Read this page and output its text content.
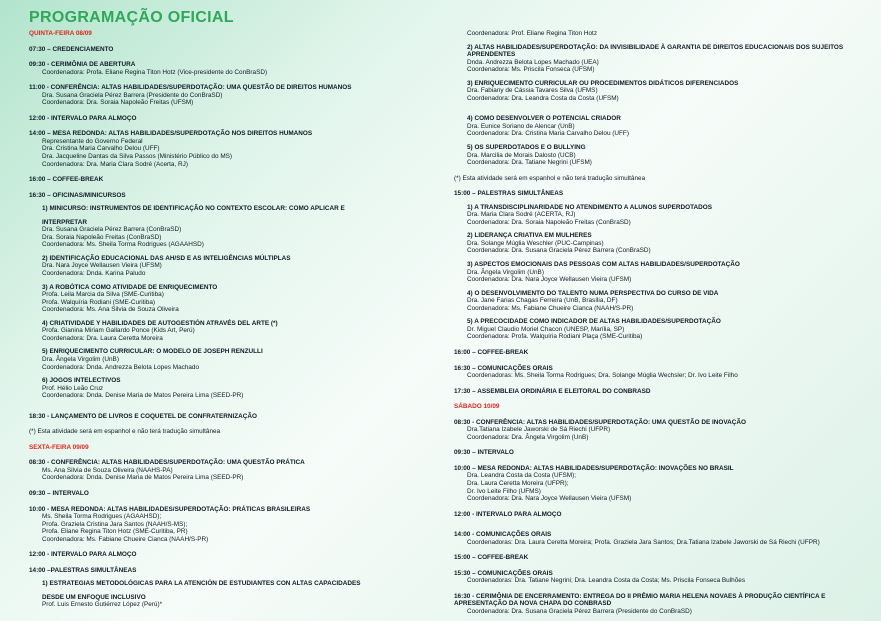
PROGRAMAÇÃO OFICIAL
QUINTA-FEIRA 08/09
07:30 – CREDENCIAMENTO
09:30 - CERIMÔNIA DE ABERTURA
Coordenadora: Profa. Eliane Regina Titon Hotz (Vice-presidente do ConBraSD)
11:00 - CONFERÊNCIA: ALTAS HABILIDADES/SUPERDOTAÇÃO: UMA QUESTÃO DE DIREITOS HUMANOS
Dra. Susana Graciela Pérez Barrera (Presidente do ConBraSD)
Coordenadora: Dra. Soraia Napoleão Freitas (UFSM)
12:00 - INTERVALO PARA ALMOÇO
14:00 – MESA REDONDA: ALTAS HABILIDADES/SUPERDOTAÇÃO NOS DIREITOS HUMANOS
Representante do Governo Federal
Dra. Cristina Maria Carvalho Delou (UFF)
Dra. Jacqueline Dantas da Silva Passos (Ministério Público do MS)
Coordenadora: Dra. Maria Clara Sodré (Acerta, RJ)
16:00 – COFFEE-BREAK
16:30 – OFICINAS/MINICURSOS
1) MINICURSO: INSTRUMENTOS DE IDENTIFICAÇÃO NO CONTEXTO ESCOLAR: COMO APLICAR E
INTERPRETAR
Dra. Susana Graciela Pérez Barrera (ConBraSD)
Dra. Soraia Napoleão Freitas (ConBraSD)
Coordenadora: Ms. Sheila Torma Rodrigues (AGAAHSD)
2) IDENTIFICAÇÃO EDUCACIONAL DAS AH/SD E AS INTELIGÊNCIAS MÚLTIPLAS
Dra. Nara Joyce Wellausen Vieira (UFSM)
Coordenadora: Dnda. Karina Paludo
3) A ROBÓTICA COMO ATIVIDADE DE ENRIQUECIMENTO
Profa. Leila Marcia da Silva (SME-Curitiba)
Profa. Walquíria Rodiani (SME-Curitiba)
Coordenadora: Ms. Ana Silvia de Souza Oliveira
4) CRIATIVIDADE Y HABILIDADES DE AUTOGESTIÓN ATRAVÉS DEL ARTE (*)
Profa. Gianina Miriam Gallardo Ponce (Kids Art, Perú)
Coordenadora: Dra. Laura Ceretta Moreira
5) ENRIQUECIMENTO CURRICULAR: O MODELO DE JOSEPH RENZULLI
Dra. Ângela Virgolim (UnB)
Coordenadora: Dnda. Andrezza Belota Lopes Machado
6) JOGOS INTELECTIVOS
Prof. Hélio Leão Cruz
Coordenadora: Dnda. Denise Maria de Matos Pereira Lima (SEED-PR)
18:30 - LANÇAMENTO DE LIVROS E COQUETEL DE CONFRATERNIZAÇÃO
(*) Esta atividade será em espanhol e não terá tradução simultânea
SEXTA-FEIRA 09/09
08:30 - CONFERÊNCIA: ALTAS HABILIDADES/SUPERDOTAÇÃO: UMA QUESTÃO PRÁTICA
Ms. Ana Silvia de Souza Oliveira (NAAHS-PA)
Coordenadora: Dnda. Denise Maria de Matos Pereira Lima (SEED-PR)
09:30 – INTERVALO
10:00 - MESA REDONDA: ALTAS HABILIDADES/SUPERDOTAÇÃO: PRÁTICAS BRASILEIRAS
Ms. Sheila Torma Rodrigues (AGAAHSD);
Profa. Graziela Cristina Jara Santos (NAAH/S-MS);
Profa. Eliane Regina Titon Hotz (SME-Curitiba, PR)
Coordenadora: Ms. Fabiane Chueire Cianca (NAAH/S-PR)
12:00 - INTERVALO PARA ALMOÇO
14:00 –PALESTRAS SIMULTÂNEAS
1) ESTRATEGIAS METODOLÓGICAS PARA LA ATENCIÓN DE ESTUDIANTES CON ALTAS CAPACIDADES
DESDE UM ENFOQUE INCLUSIVO
Prof. Luis Ernesto Gutiérrez López (Perú)*
Coordenadora: Prof. Eliane Regina Titon Hotz
2) ALTAS HABILIDADES/SUPERDOTAÇÃO: DA INVISIBILIDADE À GARANTIA DE DIREITOS EDUCACIONAIS DOS SUJEITOS APRENDENTES
Dnda. Andrezza Belota Lopes Machado (UEA)
Coordenadora: Ms. Priscila Fonseca (UFSM)
3) ENRIQUECIMENTO CURRICULAR OU PROCEDIMENTOS DIDÁTICOS DIFERENCIADOS
Dra. Fabiany de Cássia Tavares Silva (UFMS)
Coordenadora: Dra. Leandra Costa da Costa (UFSM)
4) COMO DESENVOLVER O POTENCIAL CRIADOR
Dra. Eunice Soriano de Alencar (UnB)
Coordenadora: Dra. Cristina Maria Carvalho Delou (UFF)
5) OS SUPERDOTADOS E O BULLYING
Dra. Marcilia de Morais Dalosto (UCB)
Coordenadora: Dra. Tatiane Negrini (UFSM)
(*) Esta atividade será em espanhol e não terá tradução simultânea
15:00 – PALESTRAS SIMULTÂNEAS
1) A TRANSDISCIPLINARIDADE NO ATENDIMENTO A ALUNOS SUPERDOTADOS
Dra. Maria Clara Sodré (ACERTA, RJ)
Coordenadora: Dra. Soraia Napoleão Freitas (ConBraSD)
2) LIDERANÇA CRIATIVA EM MULHERES
Dra. Solange Múglia Weschler (PUC-Campinas)
Coordenadora: Dra. Susana Graciela Pérez Barrera (ConBraSD)
3) ASPECTOS EMOCIONAIS DAS PESSOAS COM ALTAS HABILIDADES/SUPERDOTAÇÃO
Dra. Ângela Virgolim (UnB)
Coordenadora: Dra. Nara Joyce Wellausen Vieira (UFSM)
4) O DESENVOLVIMENTO DO TALENTO NUMA PERSPECTIVA DO CURSO DE VIDA
Dra. Jane Farias Chagas Ferreira (UnB, Brasília, DF)
Coordenadora: Ms. Fabiane Chueire Cianca (NAAH/S-PR)
5) A PRECOCIDADE COMO INDICADOR DE ALTAS HABILIDADES/SUPERDOTAÇÃO
Dr. Miguel Claudio Moriel Chacon (UNESP, Marília, SP)
Coordenadora: Profa. Walquíria Rodiani Plaça (SME-Curitiba)
16:00 – COFFEE-BREAK
16:30 – COMUNICAÇÕES ORAIS
Coordenadoras: Ms. Sheila Torma Rodrigues; Dra. Solange Múglia Wechsler; Dr. Ivo Leite Filho
17:30 – ASSEMBLEIA ORDINÁRIA E ELEITORAL DO CONBRASD
SÁBADO 10/09
08:30 - CONFERÊNCIA: ALTAS HABILIDADES/SUPERDOTAÇÃO: UMA QUESTÃO DE INOVAÇÃO
Dra.Tatiana Izabele Jaworski de Sá Riechi (UFPR)
Coordenadora: Dra. Ângela Virgolim (UnB)
09:30 – INTERVALO
10:00 – MESA REDONDA: ALTAS HABILIDADES/SUPERDOTAÇÃO: INOVAÇÕES NO BRASIL
Dra. Leandra Costa da Costa (UFSM);
Dra. Laura Ceretta Moreira (UFPR);
Dr. Ivo Leite Filho (UFMS)
Coordenadora: Dra. Nara Joyce Wellausen Vieira (UFSM)
12:00 - INTERVALO PARA ALMOÇO
14:00 - COMUNICAÇÕES ORAIS
Coordenadoras: Dra. Laura Ceretta Moreira; Profa. Graziela Jara Santos; Dra.Tatiana Izabele Jaworski de Sá Riechi (UFPR)
15:00 – COFFEE-BREAK
15:30 – COMUNICAÇÕES ORAIS
Coordenadoras: Dra. Tatiane Negrini; Dra. Leandra Costa da Costa; Ms. Priscila Fonseca Bulhões
16:30 - CERIMÔNIA DE ENCERRAMENTO: ENTREGA DO II PRÊMIO MARIA HELENA NOVAES À PRODUÇÃO CIENTÍFICA E APRESENTAÇÃO DA NOVA CHAPA DO CONBRASD
Coordenadora: Dra. Susana Graciela Pérez Barrera (Presidente do ConBraSD)
